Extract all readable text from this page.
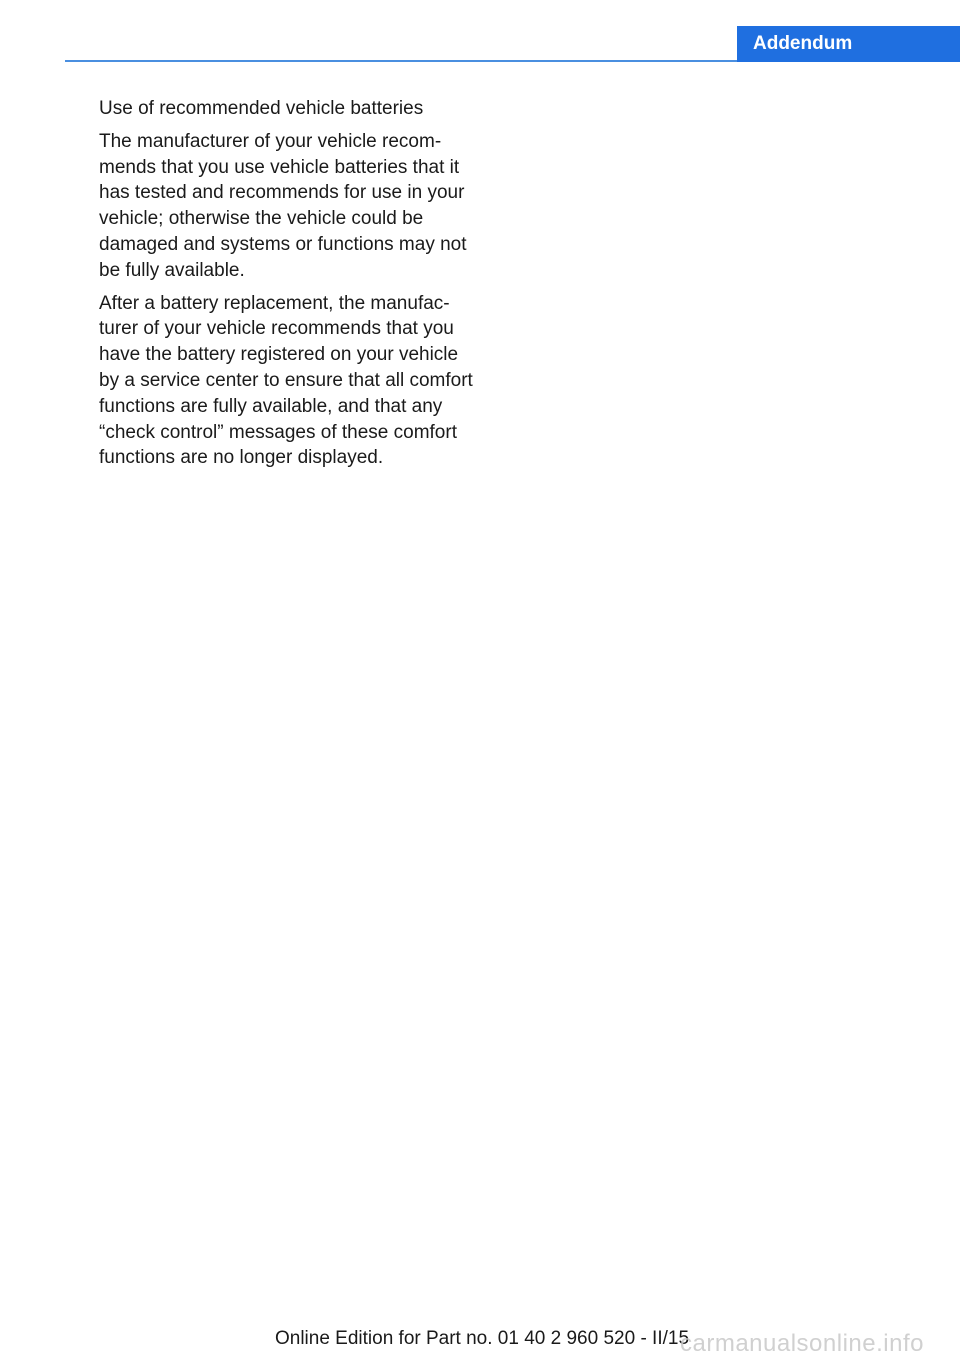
Addendum

Use of recommended vehicle batteries

The manufacturer of your vehicle recommends that you use vehicle batteries that it has tested and recommends for use in your vehicle; otherwise the vehicle could be damaged and systems or functions may not be fully available.

After a battery replacement, the manufacturer of your vehicle recommends that you have the battery registered on your vehicle by a service center to ensure that all comfort functions are fully available, and that any “check control” messages of these comfort functions are no longer displayed.

Online Edition for Part no. 01 40 2 960 520 - II/15
carmanualsonline.info
